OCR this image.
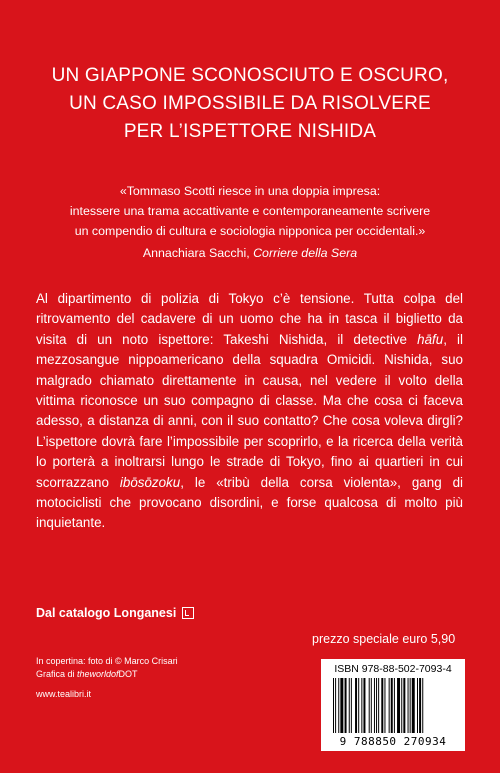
UN GIAPPONE SCONOSCIUTO E OSCURO,
UN CASO IMPOSSIBILE DA RISOLVERE
PER L’ISPETTORE NISHIDA
«Tommaso Scotti riesce in una doppia impresa:
intessere una trama accattivante e contemporaneamente scrivere
un compendio di cultura e sociologia nipponica per occidentali.»
Annachiara Sacchi, Corriere della Sera
Al dipartimento di polizia di Tokyo c’è tensione. Tutta colpa del ritrovamento del cadavere di un uomo che ha in tasca il biglietto da visita di un noto ispettore: Takeshi Nishida, il detective hāfu, il mezzosangue nippoamericano della squadra Omicidi. Nishida, suo malgrado chiamato direttamente in causa, nel vedere il volto della vittima riconosce un suo compagno di classe. Ma che cosa ci faceva adesso, a distanza di anni, con il suo contatto? Che cosa voleva dirgli? L’ispettore dovrà fare l’impossibile per scoprirlo, e la ricerca della verità lo porterà a inoltrarsi lungo le strade di Tokyo, fino ai quartieri in cui scorrazzano ibōsōzoku, le «tribù della corsa violenta», gang di motociclisti che provocano disordini, e forse qualcosa di molto più inquietante.
Dal catalogo Longanesi
prezzo speciale euro 5,90
In copertina: foto di © Marco Crisari
Grafica di theworldofDOT
www.tealibri.it
ISBN 978-88-502-7093-4
9 788850 270934
